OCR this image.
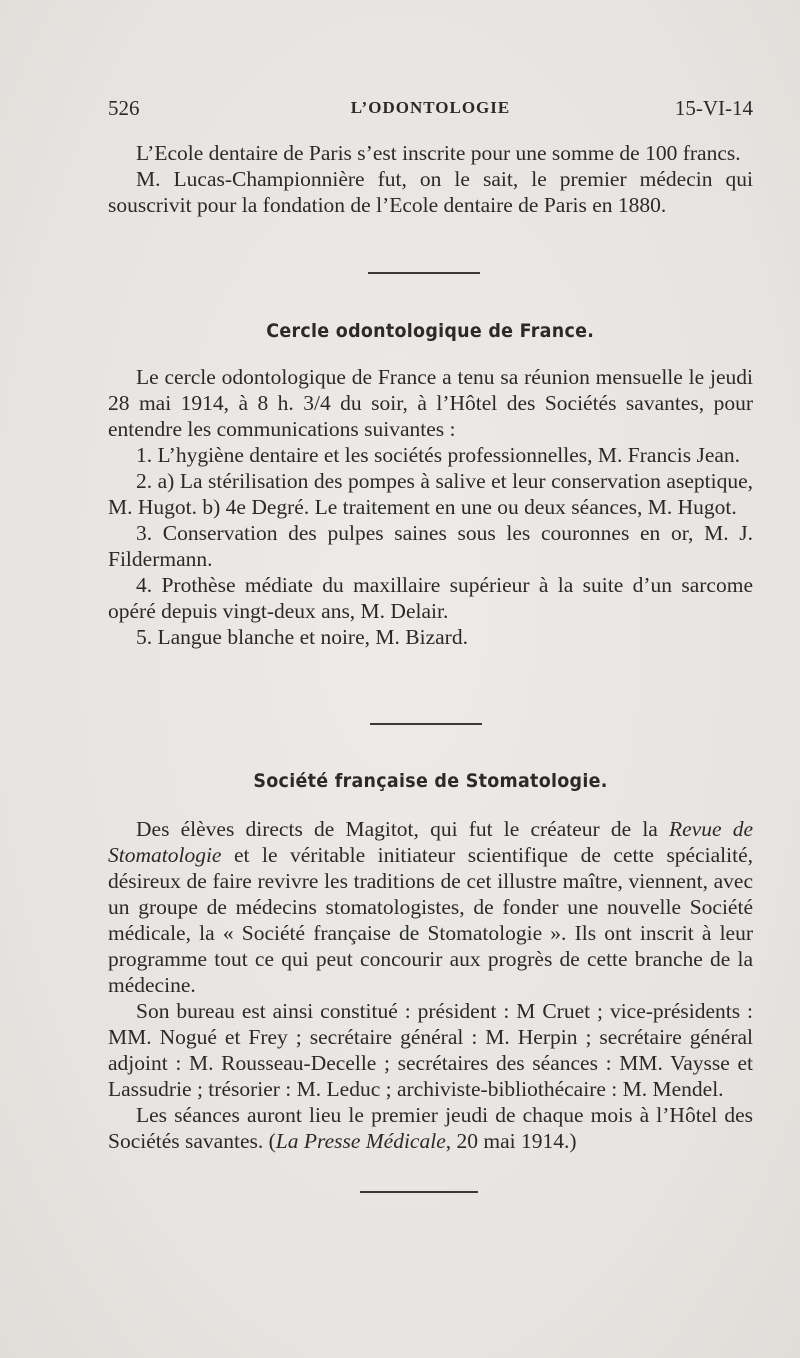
526	L’ODONTOLOGIE	15-VI-14

L’Ecole dentaire de Paris s’est inscrite pour une somme de 100 francs.

M. Lucas-Championnière fut, on le sait, le premier médecin qui souscrivit pour la fondation de l’Ecole dentaire de Paris en 1880.

Cercle odontologique de France.

Le cercle odontologique de France a tenu sa réunion mensuelle le jeudi 28 mai 1914, à 8 h. 3/4 du soir, à l’Hôtel des Sociétés savantes, pour entendre les communications suivantes :

1. L’hygiène dentaire et les sociétés professionnelles, M. Francis Jean.

2. a) La stérilisation des pompes à salive et leur conservation aseptique, M. Hugot. b) 4e Degré. Le traitement en une ou deux séances, M. Hugot.

3. Conservation des pulpes saines sous les couronnes en or, M. J. Fildermann.

4. Prothèse médiate du maxillaire supérieur à la suite d’un sarcome opéré depuis vingt-deux ans, M. Delair.

5. Langue blanche et noire, M. Bizard.

Société française de Stomatologie.

Des élèves directs de Magitot, qui fut le créateur de la Revue de Stomatologie et le véritable initiateur scientifique de cette spécialité, désireux de faire revivre les traditions de cet illustre maître, viennent, avec un groupe de médecins stomatologistes, de fonder une nouvelle Société médicale, la « Société française de Stomatologie ». Ils ont inscrit à leur programme tout ce qui peut concourir aux progrès de cette branche de la médecine.

Son bureau est ainsi constitué : président : M Cruet ; vice-présidents : MM. Nogué et Frey ; secrétaire général : M. Herpin ; secrétaire général adjoint : M. Rousseau-Decelle ; secrétaires des séances : MM. Vaysse et Lassudrie ; trésorier : M. Leduc ; archiviste-bibliothécaire : M. Mendel.

Les séances auront lieu le premier jeudi de chaque mois à l’Hôtel des Sociétés savantes. (La Presse Médicale, 20 mai 1914.)
